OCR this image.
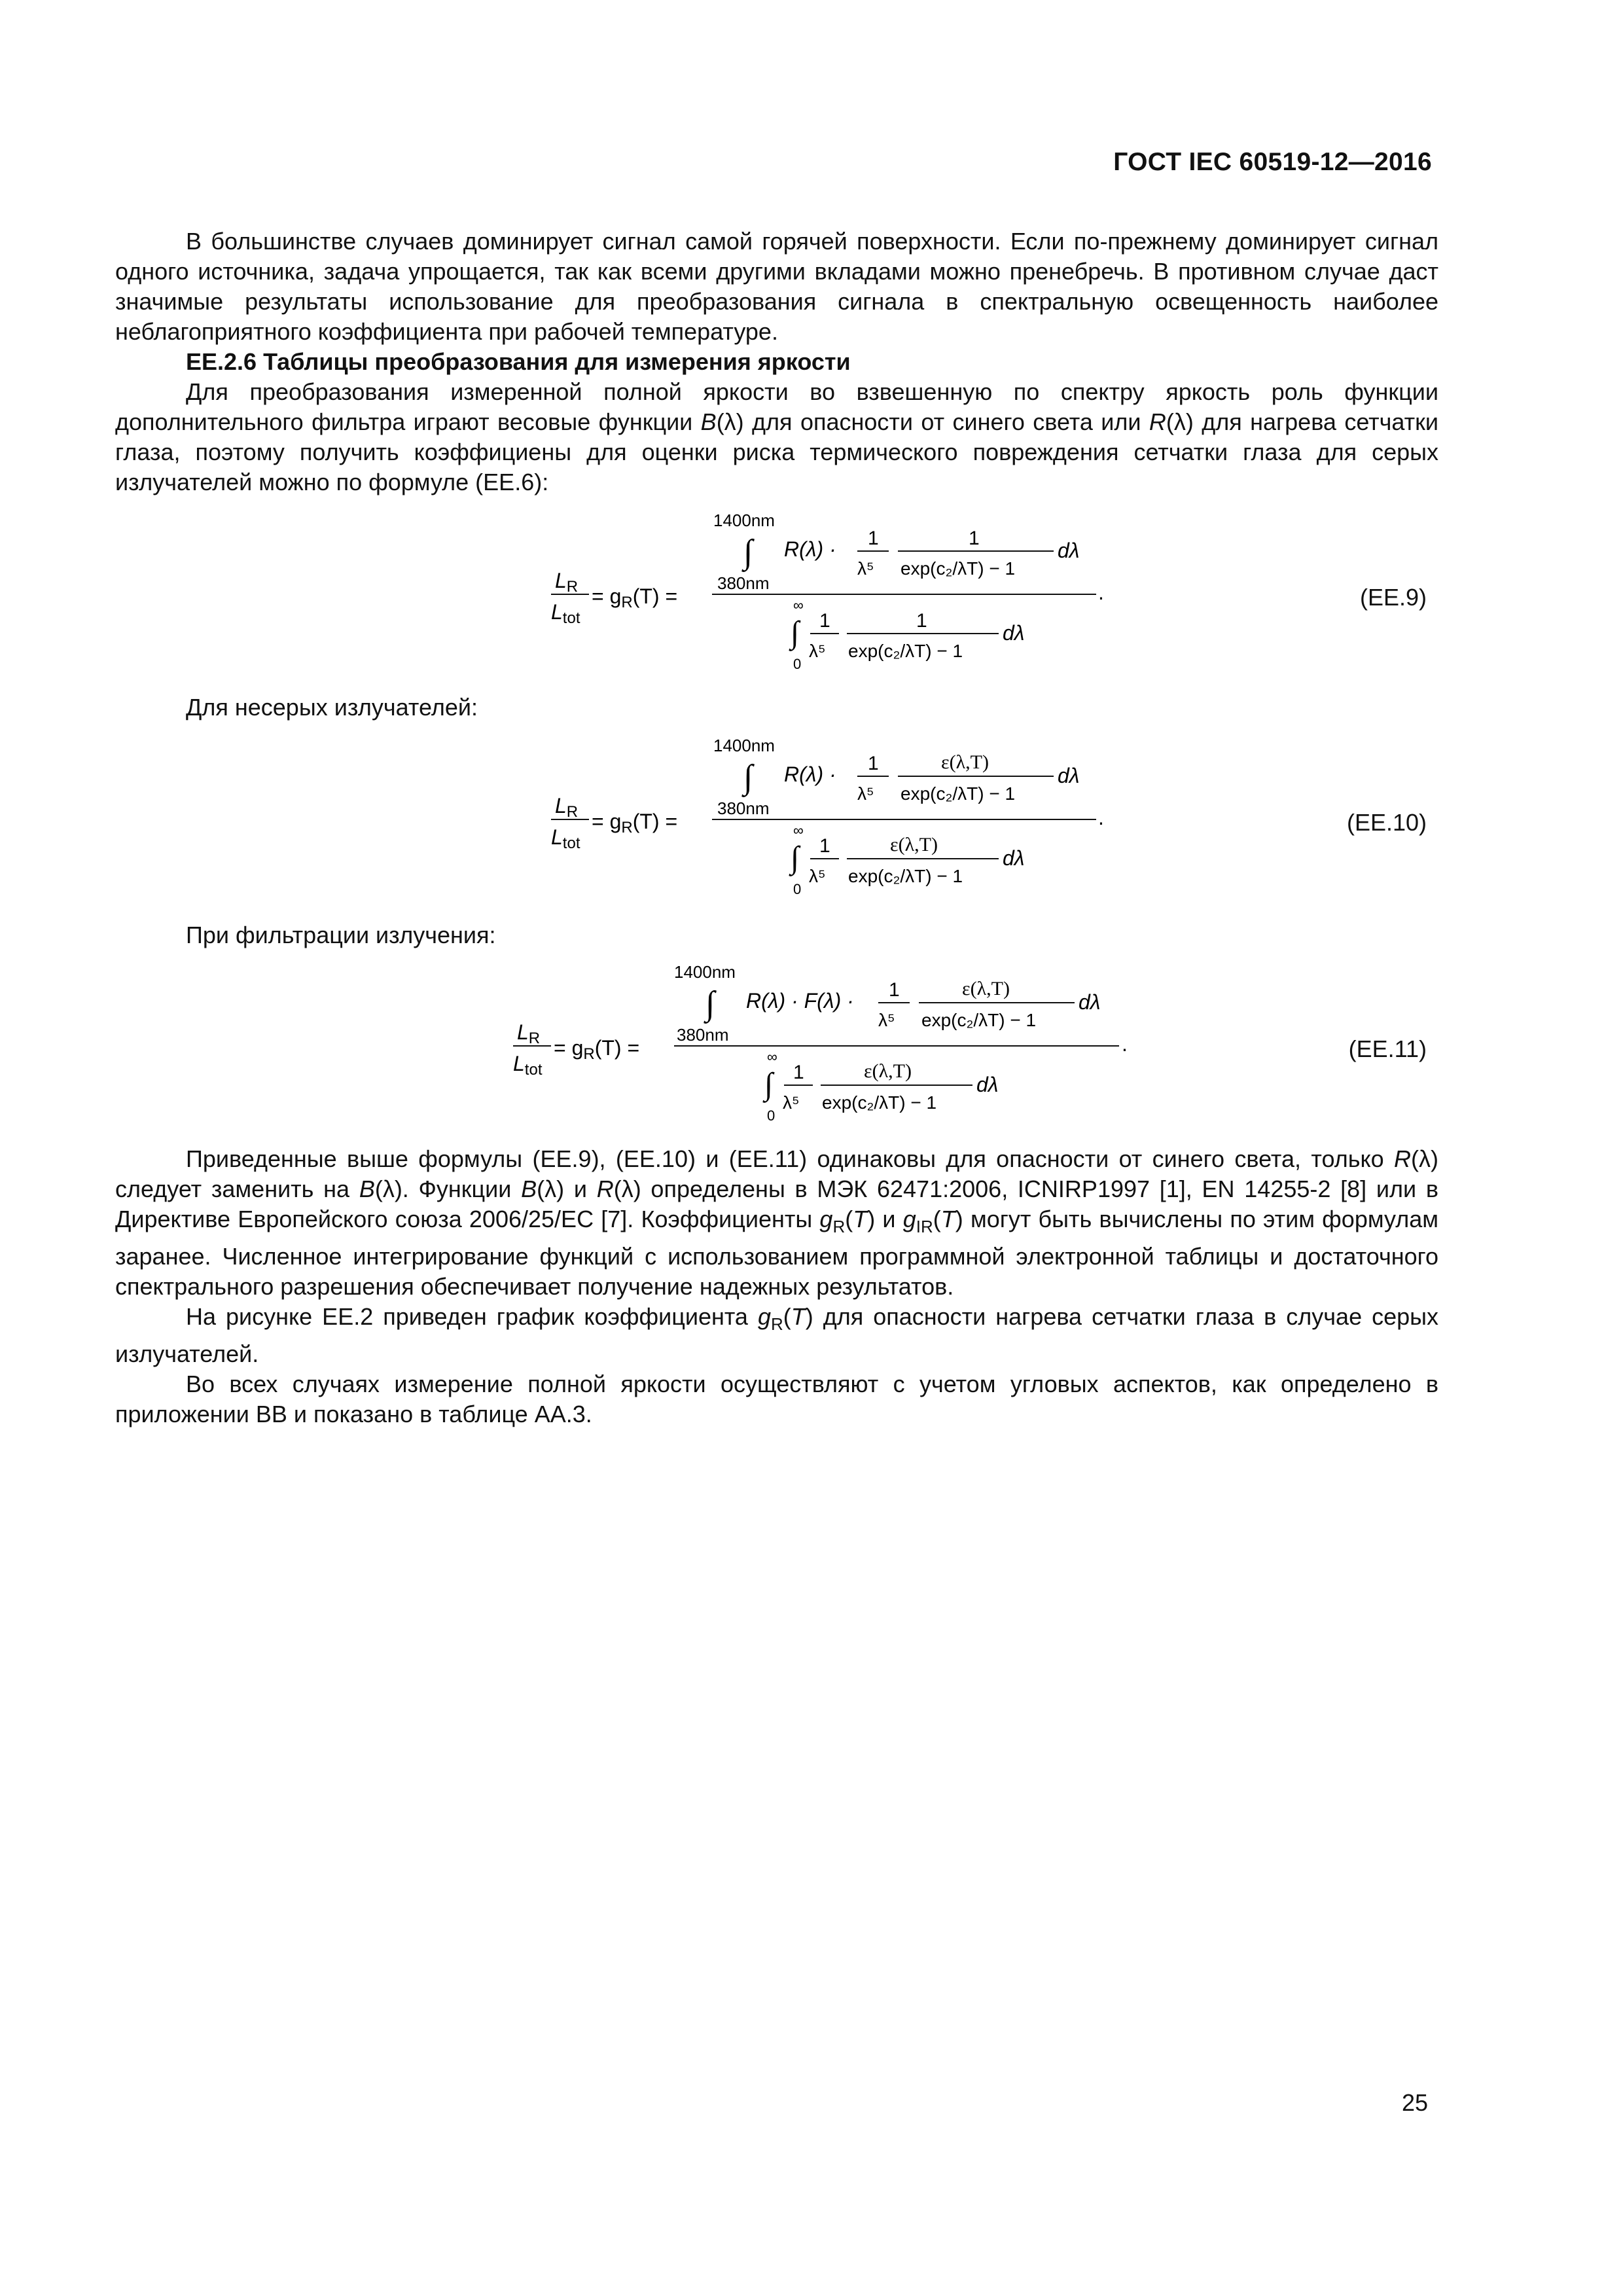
ГОСТ IEC 60519-12—2016

В большинстве случаев доминирует сигнал самой горячей поверхности. Если по-прежнему доминирует сигнал одного источника, задача упрощается, так как всеми другими вкладами можно пренебречь. В противном случае даст значимые результаты использование для преобразования сигнала в спектральную освещенность наиболее неблагоприятного коэффициента при рабочей температуре.

EE.2.6 Таблицы преобразования для измерения яркости

Для преобразования измеренной полной яркости во взвешенную по спектру яркость роль функции дополнительного фильтра играют весовые функции B(λ) для опасности от синего света или R(λ) для нагрева сетчатки глаза, поэтому получить коэффициены для оценки риска термического повреждения сетчатки глаза для серых излучателей можно по формуле (EE.6):

LR
Ltot
= gR(T) =	.
1400nm
∫
380nm
R(λ) · 1
λ⁵
1
exp(c₂/λT) − 1
dλ
∞
∫
0
1
λ⁵
1
exp(c₂/λT) − 1
dλ
(EE.9)

Для несерых излучателей:

LR
Ltot
= gR(T) =	.
1400nm
∫
380nm
R(λ) · 1
λ⁵
ε(λ,T)
exp(c₂/λT) − 1
dλ
∞
∫
0
1
λ⁵
ε(λ,T)
exp(c₂/λT) − 1
dλ
(EE.10)

При фильтрации излучения:

LR
Ltot
= gR(T) =	.
1400nm
∫
380nm
R(λ) · F(λ) · 1
λ⁵
ε(λ,T)
exp(c₂/λT) − 1
dλ
∞
∫
0
1
λ⁵
ε(λ,T)
exp(c₂/λT) − 1
dλ
(EE.11)

Приведенные выше формулы (EE.9), (EE.10) и (EE.11) одинаковы для опасности от синего света, только R(λ) следует заменить на B(λ). Функции B(λ) и R(λ) определены в МЭК 62471:2006, ICNIRP1997 [1], EN 14255-2 [8] или в Директиве Европейского союза 2006/25/EC [7]. Коэффициенты $g_R(T)$ и $g_{IR}(T)$ могут быть вычислены по этим формулам заранее. Численное интегрирование функций с использованием программной электронной таблицы и достаточного спектрального разрешения обеспечивает получение надежных результатов.

На рисунке EE.2 приведен график коэффициента $g_R(T)$ для опасности нагрева сетчатки глаза в случае серых излучателей.

Во всех случаях измерение полной яркости осуществляют с учетом угловых аспектов, как определено в приложении ВВ и показано в таблице АА.3.

25
